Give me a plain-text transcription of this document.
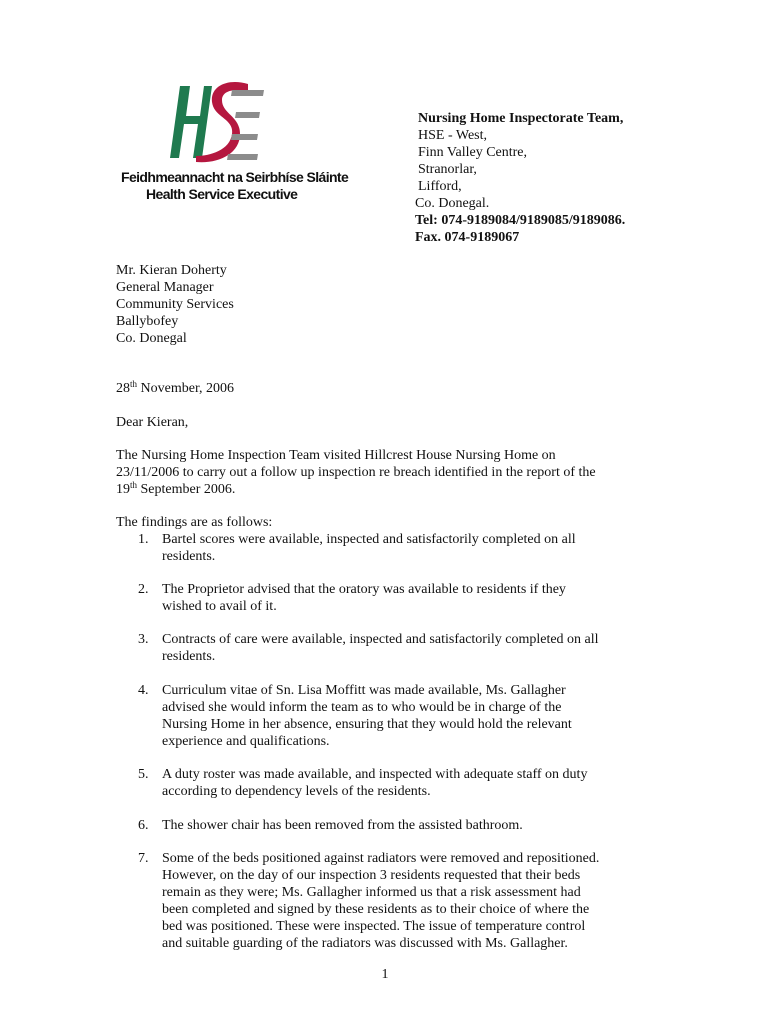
Feidhmeannacht na Seirbhíse Sláinte
Health Service Executive
Nursing Home Inspectorate Team,
HSE - West,
Finn Valley Centre,
Stranorlar,
Lifford,
Co. Donegal.
Tel: 074-9189084/9189085/9189086.
Fax. 074-9189067
Mr. Kieran Doherty
General Manager
Community Services
Ballybofey
Co. Donegal
28th November, 2006
Dear Kieran,
The Nursing Home Inspection Team visited Hillcrest House Nursing Home on
23/11/2006 to carry out a follow up inspection re breach identified in the report of the
19th September 2006.
The findings are as follows:
1. Bartel scores were available, inspected and satisfactorily completed on all
residents.
2. The Proprietor advised that the oratory was available to residents if they
wished to avail of it.
3. Contracts of care were available, inspected and satisfactorily completed on all
residents.
4. Curriculum vitae of Sn. Lisa Moffitt was made available, Ms. Gallagher
advised she would inform the team as to who would be in charge of the
Nursing Home in her absence, ensuring that they would hold the relevant
experience and qualifications.
5. A duty roster was made available, and inspected with adequate staff on duty
according to dependency levels of the residents.
6. The shower chair has been removed from the assisted bathroom.
7. Some of the beds positioned against radiators were removed and repositioned.
However, on the day of our inspection 3 residents requested that their beds
remain as they were; Ms. Gallagher informed us that a risk assessment had
been completed and signed by these residents as to their choice of where the
bed was positioned. These were inspected. The issue of temperature control
and suitable guarding of the radiators was discussed with Ms. Gallagher.
1
